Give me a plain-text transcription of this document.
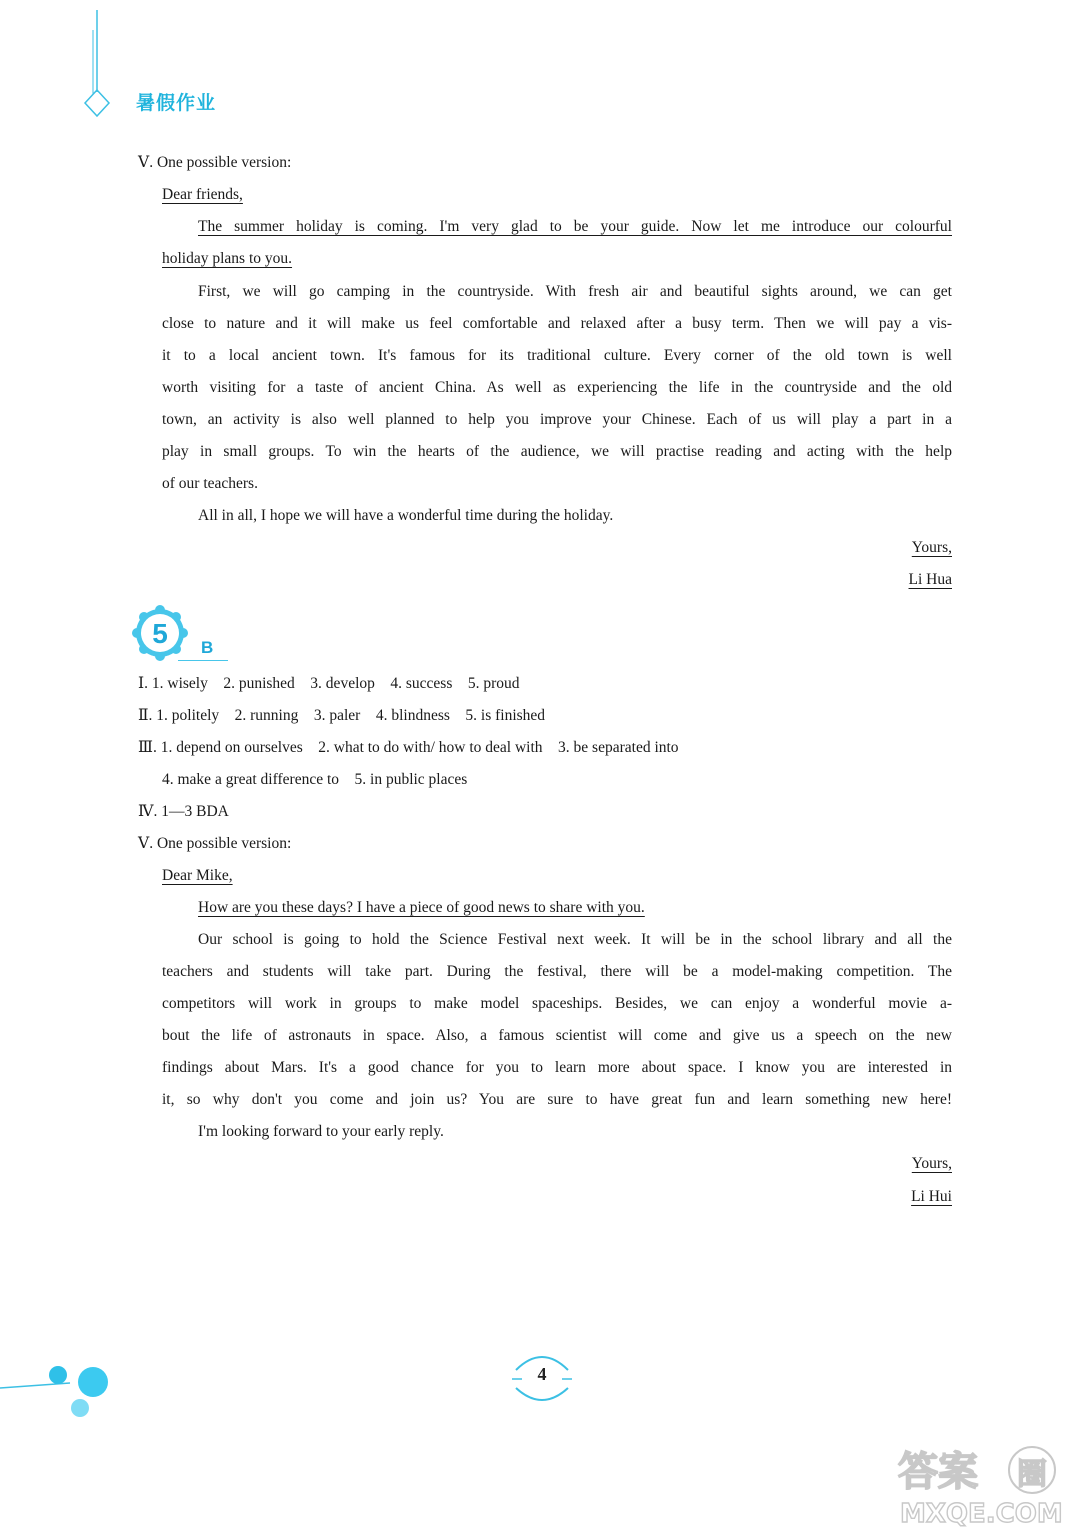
暑假作业
Ⅴ. One possible version:
Dear friends,
The summer holiday is coming. I'm very glad to be your guide. Now let me introduce our colourful
holiday plans to you.
First, we will go camping in the countryside. With fresh air and beautiful sights around, we can get
close to nature and it will make us feel comfortable and relaxed after a busy term. Then we will pay a vis-
it to a local ancient town. It's famous for its traditional culture. Every corner of the old town is well
worth visiting for a taste of ancient China. As well as experiencing the life in the countryside and the old
town, an activity is also well planned to help you improve your Chinese. Each of us will play a part in a
play in small groups. To win the hearts of the audience, we will practise reading and acting with the help
of our teachers.
All in all, I hope we will have a wonderful time during the holiday.
Yours,
Li Hua
5 B
Ⅰ. 1. wisely　2. punished　3. develop　4. success　5. proud
Ⅱ. 1. politely　2. running　3. paler　4. blindness　5. is finished
Ⅲ. 1. depend on ourselves　2. what to do with/ how to deal with　3. be separated into
4. make a great difference to　5. in public places
Ⅳ. 1—3 BDA
Ⅴ. One possible version:
Dear Mike,
How are you these days? I have a piece of good news to share with you.
Our school is going to hold the Science Festival next week. It will be in the school library and all the
teachers and students will take part. During the festival, there will be a model-making competition. The
competitors will work in groups to make model spaceships. Besides, we can enjoy a wonderful movie a-
bout the life of astronauts in space. Also, a famous scientist will come and give us a speech on the new
findings about Mars. It's a good chance for you to learn more about space. I know you are interested in
it, so why don't you come and join us? You are sure to have great fun and learn something new here!
I'm looking forward to your early reply.
Yours,
Li Hui
4
答案 圈
MXQE.COM
